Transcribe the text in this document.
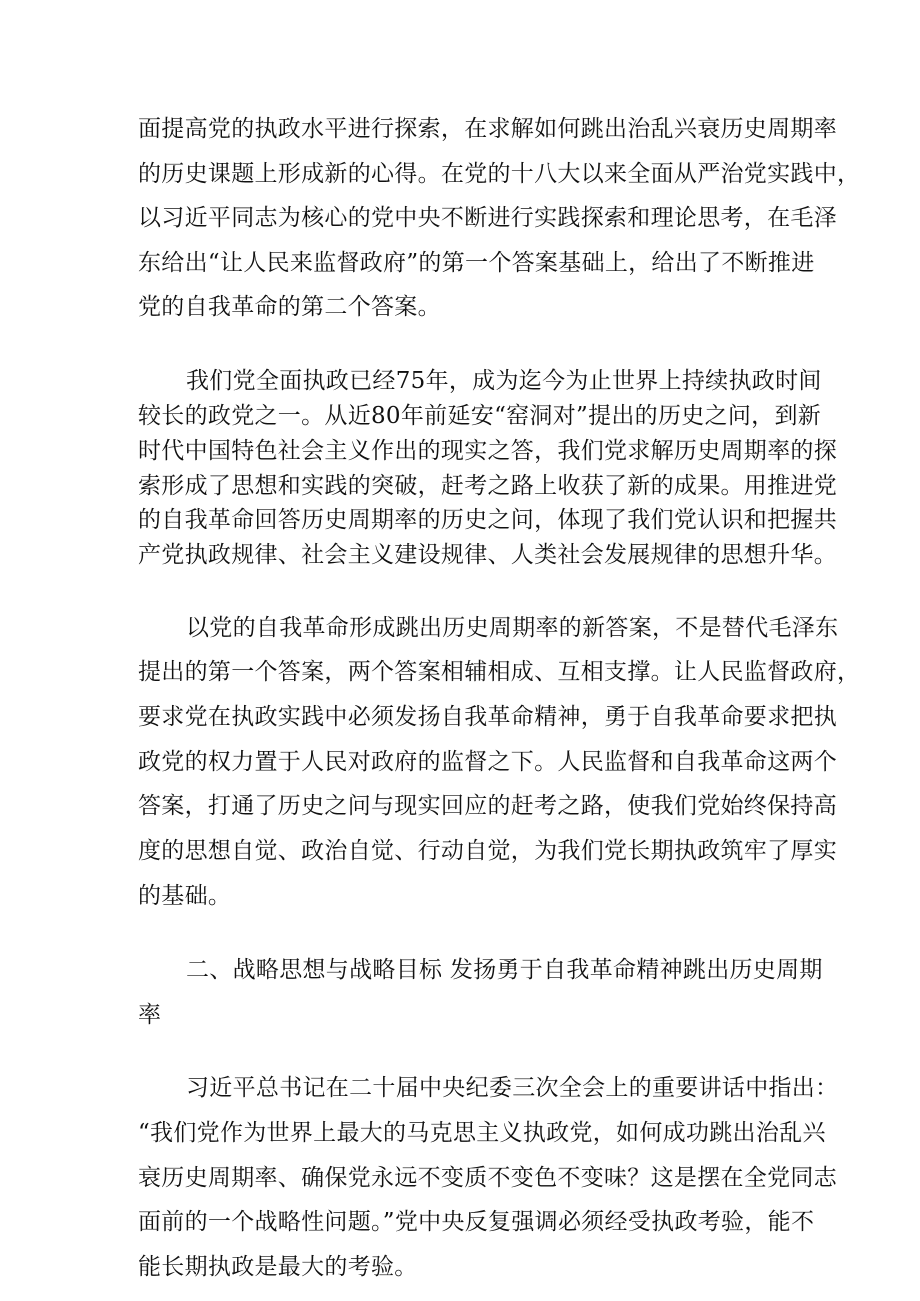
面提高党的执政水平进行探索，在求解如何跳出治乱兴衰历史周期率
的历史课题上形成新的心得。在党的十八大以来全面从严治党实践中，
以习近平同志为核心的党中央不断进行实践探索和理论思考，在毛泽
东给出“让人民来监督政府”的第一个答案基础上，给出了不断推进
党的自我革命的第二个答案。
我们党全面执政已经75年，成为迄今为止世界上持续执政时间
较长的政党之一。从近80年前延安“窑洞对”提出的历史之问，到新
时代中国特色社会主义作出的现实之答，我们党求解历史周期率的探
索形成了思想和实践的突破，赶考之路上收获了新的成果。用推进党
的自我革命回答历史周期率的历史之问，体现了我们党认识和把握共
产党执政规律、社会主义建设规律、人类社会发展规律的思想升华。
以党的自我革命形成跳出历史周期率的新答案，不是替代毛泽东
提出的第一个答案，两个答案相辅相成、互相支撑。让人民监督政府，
要求党在执政实践中必须发扬自我革命精神，勇于自我革命要求把执
政党的权力置于人民对政府的监督之下。人民监督和自我革命这两个
答案，打通了历史之问与现实回应的赶考之路，使我们党始终保持高
度的思想自觉、政治自觉、行动自觉，为我们党长期执政筑牢了厚实
的基础。
二、战略思想与战略目标 发扬勇于自我革命精神跳出历史周期
率
习近平总书记在二十届中央纪委三次全会上的重要讲话中指出：
“我们党作为世界上最大的马克思主义执政党，如何成功跳出治乱兴
衰历史周期率、确保党永远不变质不变色不变味？这是摆在全党同志
面前的一个战略性问题。”党中央反复强调必须经受执政考验，能不
能长期执政是最大的考验。
